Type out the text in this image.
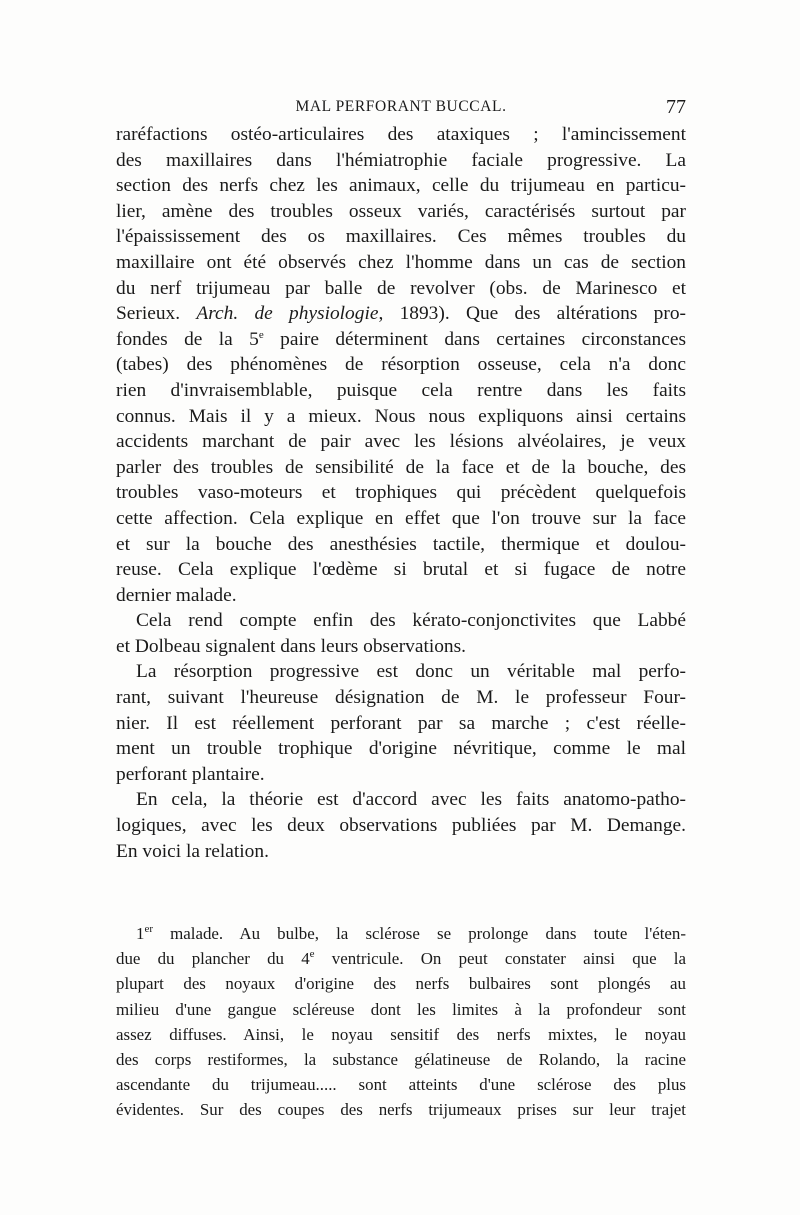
MAL PERFORANT BUCCAL.	77
raréfactions ostéo-articulaires des ataxiques ; l'amincissement
des maxillaires dans l'hémiatrophie faciale progressive. La
section des nerfs chez les animaux, celle du trijumeau en particu-
lier, amène des troubles osseux variés, caractérisés surtout par
l'épaississement des os maxillaires. Ces mêmes troubles du
maxillaire ont été observés chez l'homme dans un cas de section
du nerf trijumeau par balle de revolver (obs. de Marinesco et
Serieux. Arch. de physiologie, 1893). Que des altérations pro-
fondes de la 5e paire déterminent dans certaines circonstances
(tabes) des phénomènes de résorption osseuse, cela n'a donc
rien d'invraisemblable, puisque cela rentre dans les faits
connus. Mais il y a mieux. Nous nous expliquons ainsi certains
accidents marchant de pair avec les lésions alvéolaires, je veux
parler des troubles de sensibilité de la face et de la bouche, des
troubles vaso-moteurs et trophiques qui précèdent quelquefois
cette affection. Cela explique en effet que l'on trouve sur la face
et sur la bouche des anesthésies tactile, thermique et doulou-
reuse. Cela explique l'œdème si brutal et si fugace de notre
dernier malade.
Cela rend compte enfin des kérato-conjonctivites que Labbé
et Dolbeau signalent dans leurs observations.
La résorption progressive est donc un véritable mal perfo-
rant, suivant l'heureuse désignation de M. le professeur Four-
nier. Il est réellement perforant par sa marche ; c'est réelle-
ment un trouble trophique d'origine névritique, comme le mal
perforant plantaire.
En cela, la théorie est d'accord avec les faits anatomo-patho-
logiques, avec les deux observations publiées par M. Demange.
En voici la relation.
1er malade. Au bulbe, la sclérose se prolonge dans toute l'éten-
due du plancher du 4e ventricule. On peut constater ainsi que la
plupart des noyaux d'origine des nerfs bulbaires sont plongés au
milieu d'une gangue scléreuse dont les limites à la profondeur sont
assez diffuses. Ainsi, le noyau sensitif des nerfs mixtes, le noyau
des corps restiformes, la substance gélatineuse de Rolando, la racine
ascendante du trijumeau..... sont atteints d'une sclérose des plus
évidentes. Sur des coupes des nerfs trijumeaux prises sur leur trajet
